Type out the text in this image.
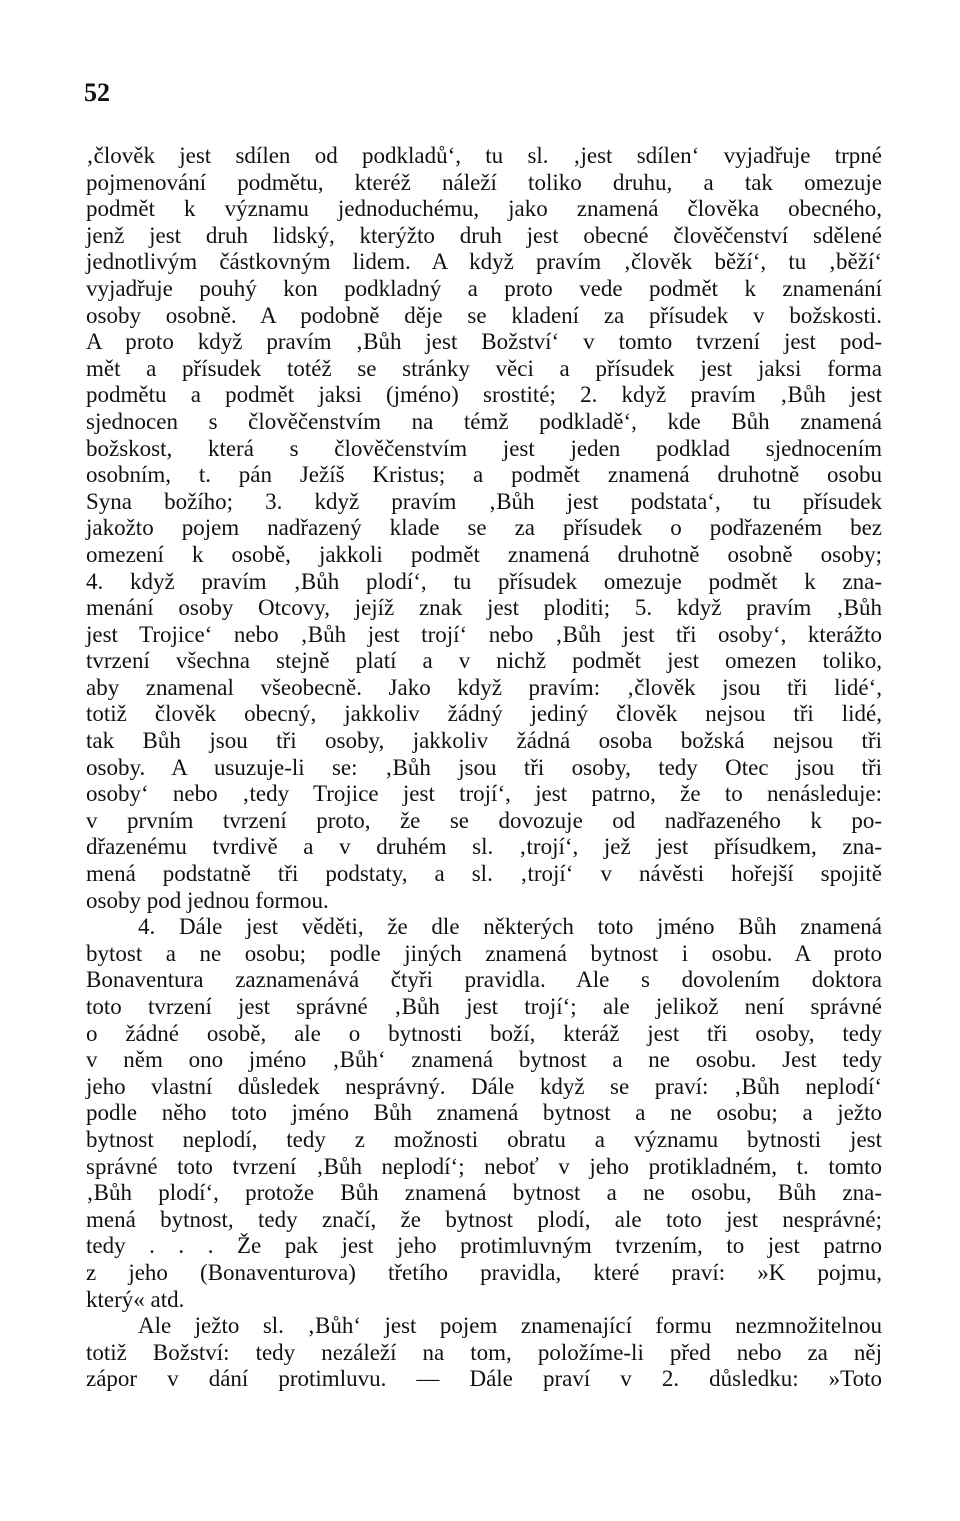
52
‚člověk jest sdílen od podkladů‘, tu sl. ‚jest sdílen‘ vyjadřuje trpné
pojmenování podmětu, kteréž náleží toliko druhu, a tak omezuje
podmět k významu jednoduchému, jako znamená člověka obecného,
jenž jest druh lidský, kterýžto druh jest obecné člověčenství sdělené
jednotlivým částkovným lidem. A když pravím ‚člověk běží‘, tu ‚běží‘
vyjadřuje pouhý kon podkladný a proto vede podmět k znamenání
osoby osobně. A podobně děje se kladení za přísudek v božskosti.
A proto když pravím ‚Bůh jest Božství‘ v tomto tvrzení jest pod-
mět a přísudek totéž se stránky věci a přísudek jest jaksi forma
podmětu a podmět jaksi (jméno) srostité; 2. když pravím ‚Bůh jest
sjednocen s člověčenstvím na témž podkladě‘, kde Bůh znamená
božskost, která s člověčenstvím jest jeden podklad sjednocením
osobním, t. pán Ježíš Kristus; a podmět znamená druhotně osobu
Syna božího; 3. když pravím ‚Bůh jest podstata‘, tu přísudek
jakožto pojem nadřazený klade se za přísudek o podřazeném bez
omezení k osobě, jakkoli podmět znamená druhotně osobně osoby;
4. když pravím ‚Bůh plodí‘, tu přísudek omezuje podmět k zna-
menání osoby Otcovy, jejíž znak jest ploditi; 5. když pravím ‚Bůh
jest Trojice‘ nebo ‚Bůh jest trojí‘ nebo ‚Bůh jest tři osoby‘, kterážto
tvrzení všechna stejně platí a v nichž podmět jest omezen toliko,
aby znamenal všeobecně. Jako když pravím: ‚člověk jsou tři lidé‘,
totiž člověk obecný, jakkoliv žádný jediný člověk nejsou tři lidé,
tak Bůh jsou tři osoby, jakkoliv žádná osoba božská nejsou tři
osoby. A usuzuje-li se: ‚Bůh jsou tři osoby, tedy Otec jsou tři
osoby‘ nebo ‚tedy Trojice jest trojí‘, jest patrno, že to nenásleduje:
v prvním tvrzení proto, že se dovozuje od nadřazeného k po-
dřazenému tvrdivě a v druhém sl. ‚trojí‘, jež jest přísudkem, zna-
mená podstatně tři podstaty, a sl. ‚trojí‘ v návěsti hořejší spojitě
osoby pod jednou formou.
4. Dále jest věděti, že dle některých toto jméno Bůh znamená
bytost a ne osobu; podle jiných znamená bytnost i osobu. A proto
Bonaventura zaznamenává čtyři pravidla. Ale s dovolením doktora
toto tvrzení jest správné ‚Bůh jest trojí‘; ale jelikož není správné
o žádné osobě, ale o bytnosti boží, kteráž jest tři osoby, tedy
v něm ono jméno ‚Bůh‘ znamená bytnost a ne osobu. Jest tedy
jeho vlastní důsledek nesprávný. Dále když se praví: ‚Bůh neplodí‘
podle něho toto jméno Bůh znamená bytnost a ne osobu; a ježto
bytnost neplodí, tedy z možnosti obratu a významu bytnosti jest
správné toto tvrzení ‚Bůh neplodí‘; neboť v jeho protikladném, t. tomto
‚Bůh plodí‘, protože Bůh znamená bytnost a ne osobu, Bůh zna-
mená bytnost, tedy značí, že bytnost plodí, ale toto jest nesprávné;
tedy . . . Že pak jest jeho protimluvným tvrzením, to jest patrno
z jeho (Bonaventurova) třetího pravidla, které praví: »K pojmu,
který« atd.
Ale ježto sl. ‚Bůh‘ jest pojem znamenající formu nezmnožitelnou
totiž Božství: tedy nezáleží na tom, položíme-li před nebo za něj
zápor v dání protimluvu. — Dále praví v 2. důsledku: »Toto
